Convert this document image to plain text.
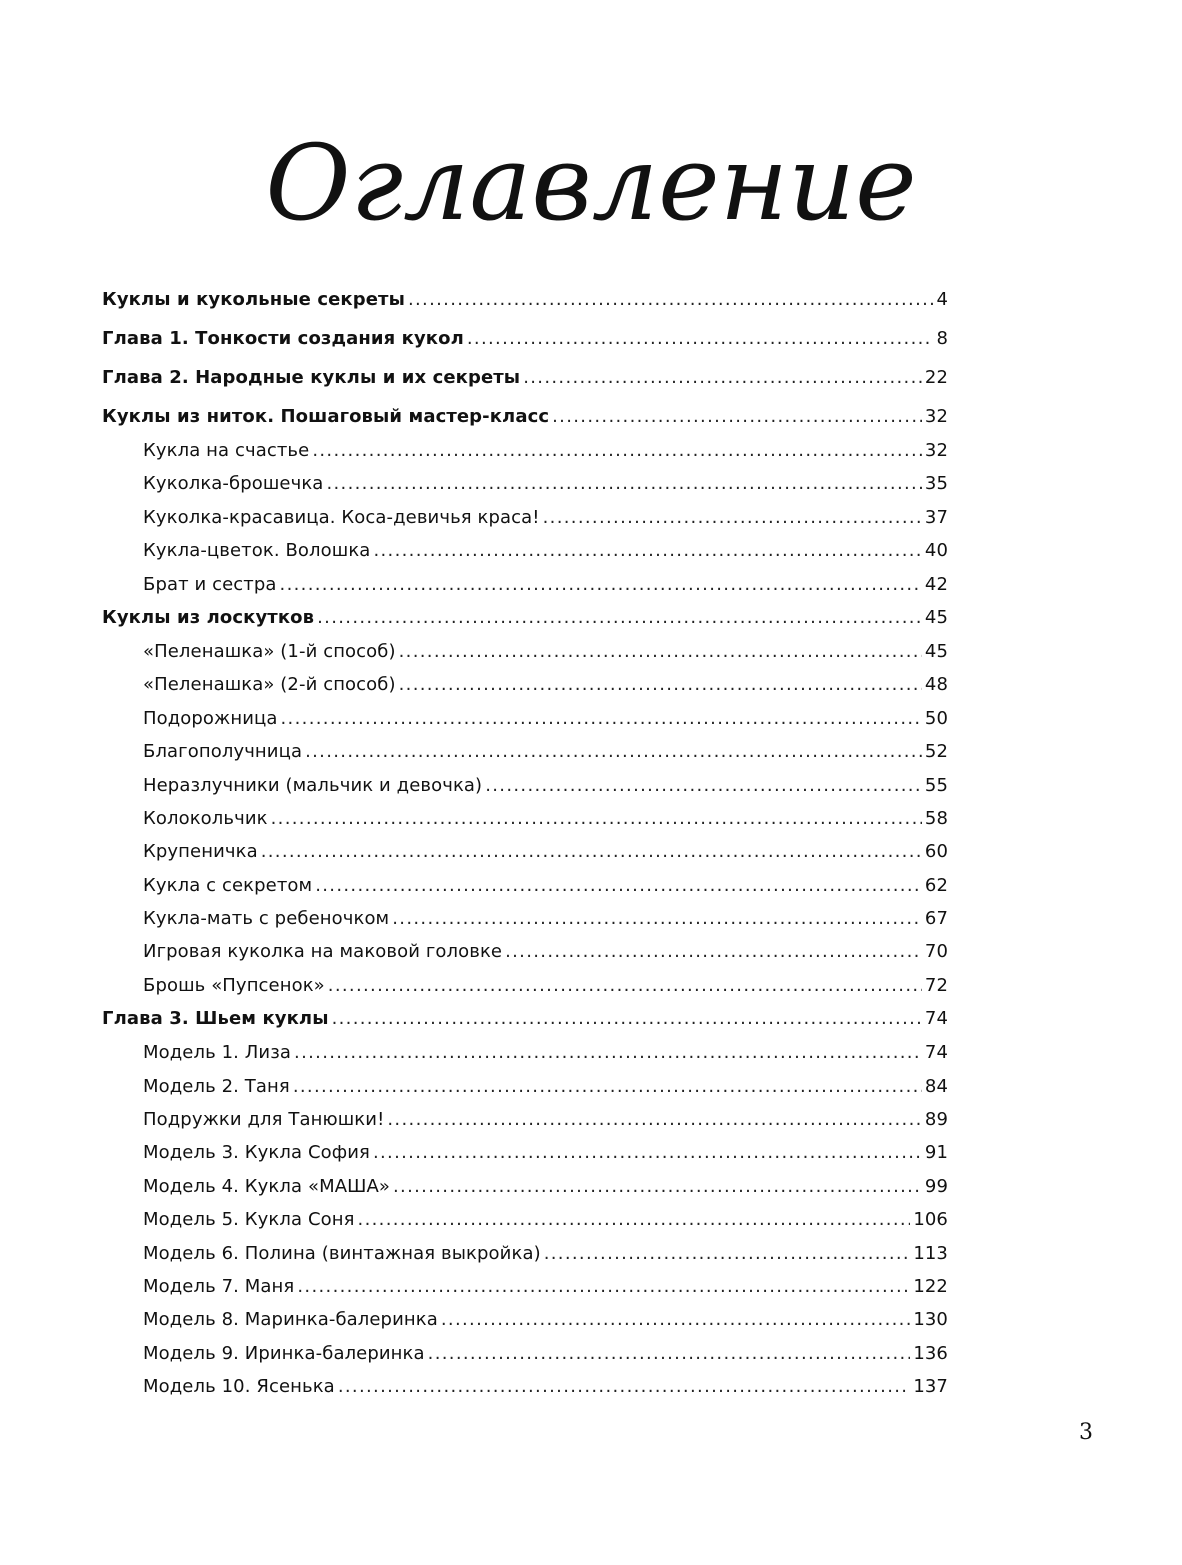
Оглавление
Куклы и кукольные секреты . . .	4
Глава 1. Тонкости создания кукол . . .	8
Глава 2. Народные куклы и их секреты . . .	22
Куклы из ниток. Пошаговый мастер-класс . . .	32
Кукла на счастье . . .	32
Куколка-брошечка . . .	35
Куколка-красавица. Коса-девичья краса! . . .	37
Кукла-цветок. Волошка . . .	40
Брат и сестра . . .	42
Куклы из лоскутков . . .	45
«Пеленашка» (1-й способ) . . .	45
«Пеленашка» (2-й способ) . . .	48
Подорожница . . .	50
Благополучница . . .	52
Неразлучники (мальчик и девочка) . . .	55
Колокольчик . . .	58
Крупеничка . . .	60
Кукла с секретом . . .	62
Кукла-мать с ребеночком . . .	67
Игровая куколка на маковой головке . . .	70
Брошь «Пупсенок» . . .	72
Глава 3. Шьем куклы . . .	74
Модель 1. Лиза . . .	74
Модель 2. Таня . . .	84
Подружки для Танюшки! . . .	89
Модель 3. Кукла София . . .	91
Модель 4. Кукла «МАША» . . .	99
Модель 5. Кукла Соня . . .	106
Модель 6. Полина (винтажная выкройка) . . .	113
Модель 7. Маня . . .	122
Модель 8. Маринка-балеринка . . .	130
Модель 9. Иринка-балеринка . . .	136
Модель 10. Ясенька . . .	137
3
